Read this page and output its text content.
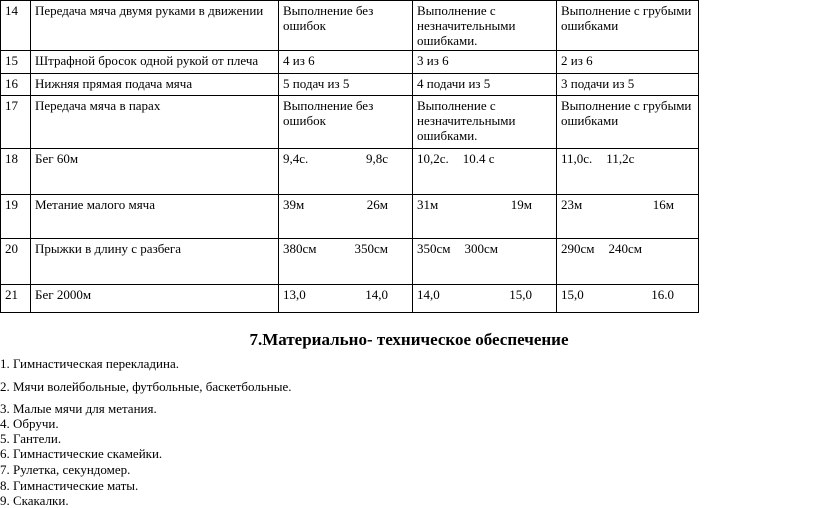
14	Передача мяча двумя руками в движении	Выполнение без ошибок	Выполнение с незначительными ошибками.	Выполнение с грубыми ошибками
15	Штрафной бросок одной рукой от плеча	4 из 6	3 из 6	2 из 6
16	Нижняя прямая подача мяча	5 подач из 5	4 подачи из 5	3 подачи из 5
17	Передача мяча в парах	Выполнение без ошибок	Выполнение с незначительными ошибками.	Выполнение с грубыми ошибками
18	Бег 60м	9,4с. 9,8с	10,2с. 10.4 с	11,0с. 11,2с

19	Метание малого мяча	39м 26м	31м 19м	23м 16м

20	Прыжки в длину с разбега	380см 350см	350см 300см	290см 240см

21	Бег 2000м	13,0 14,0	14,0 15,0	15,0 16.0
7.Материально- техническое обеспечение
1. Гимнастическая перекладина.
2. Мячи волейбольные, футбольные, баскетбольные.
3. Малые мячи для метания.
4. Обручи.
5. Гантели.
6. Гимнастические скамейки.
7. Рулетка, секундомер.
8. Гимнастические маты.
9. Скакалки.
